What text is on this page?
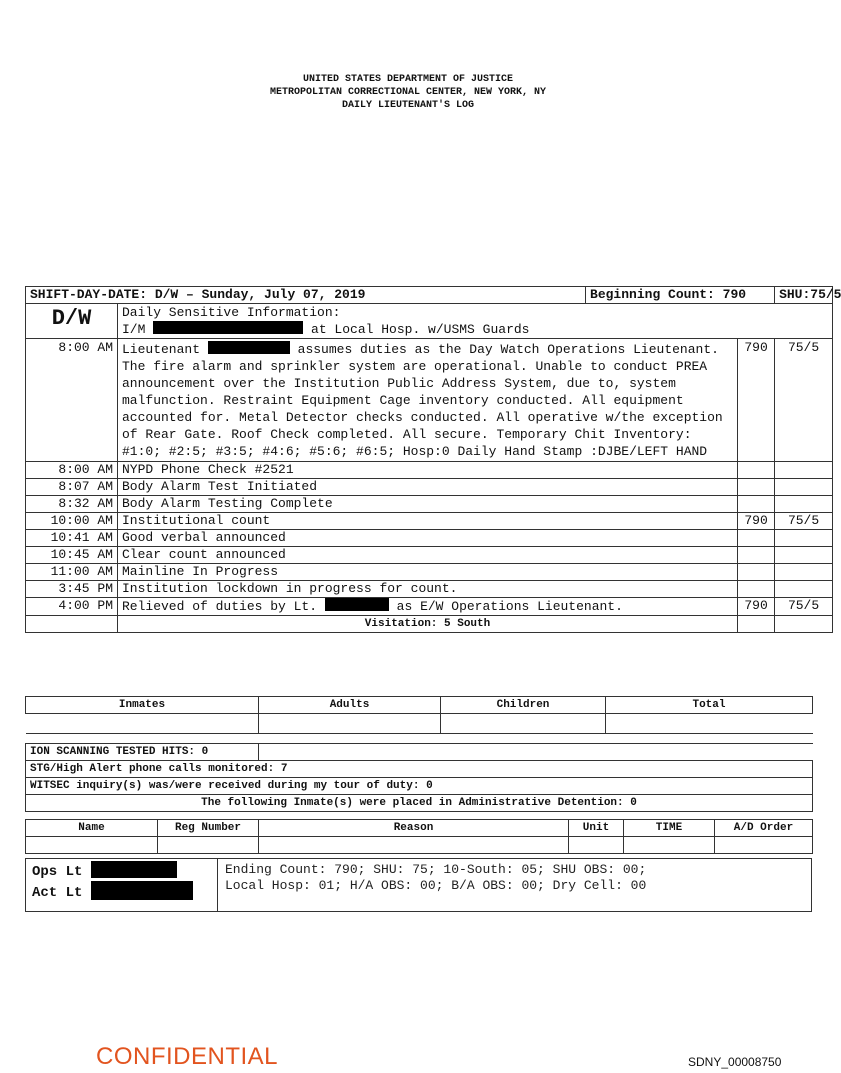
UNITED STATES DEPARTMENT OF JUSTICE
METROPOLITAN CORRECTIONAL CENTER, NEW YORK, NY
DAILY LIEUTENANT'S LOG
SHIFT-DAY-DATE: D/W – Sunday, July 07, 2019		Beginning Count: 790		SHU:75/5
D/W	Daily Sensitive Information:
I/M at Local Hosp. w/USMS Guards			

8:00 AM	Lieutenant assumes duties as the Day Watch Operations Lieutenant. The fire alarm and sprinkler system are operational. Unable to conduct PREA announcement over the Institution Public Address System, due to, system malfunction. Restraint Equipment Cage inventory conducted. All equipment accounted for. Metal Detector checks conducted. All operative w/the exception of Rear Gate. Roof Check completed. All secure. Temporary Chit Inventory: #1:0; #2:5; #3:5; #4:6; #5:6; #6:5; Hosp:0 Daily Hand Stamp :DJBE/LEFT HAND		790	75/5
8:00 AM	NYPD Phone Check #2521			
8:07 AM	Body Alarm Test Initiated			
8:32 AM	Body Alarm Testing Complete			
10:00 AM	Institutional count		790	75/5
10:41 AM	Good verbal announced			
10:45 AM	Clear count announced			
11:00 AM	Mainline In Progress			
3:45 PM	Institution lockdown in progress for count.			
4:00 PM	Relieved of duties by Lt. as E/W Operations Lieutenant.		790	75/5
	Visitation: 5 South			
Inmates	Adults	Children	Total

ION SCANNING TESTED HITS: 0	
STG/High Alert phone calls monitored: 7
WITSEC inquiry(s) was/were received during my tour of duty: 0
The following Inmate(s) were placed in Administrative Detention: 0
Name	Reg Number	Reason	Unit	TIME	A/D Order

Ops Lt
Act Lt
Ending Count: 790; SHU: 75; 10-South: 05; SHU OBS: 00;
Local Hosp: 01; H/A OBS: 00; B/A OBS: 00; Dry Cell: 00
CONFIDENTIAL	SDNY_00008750
